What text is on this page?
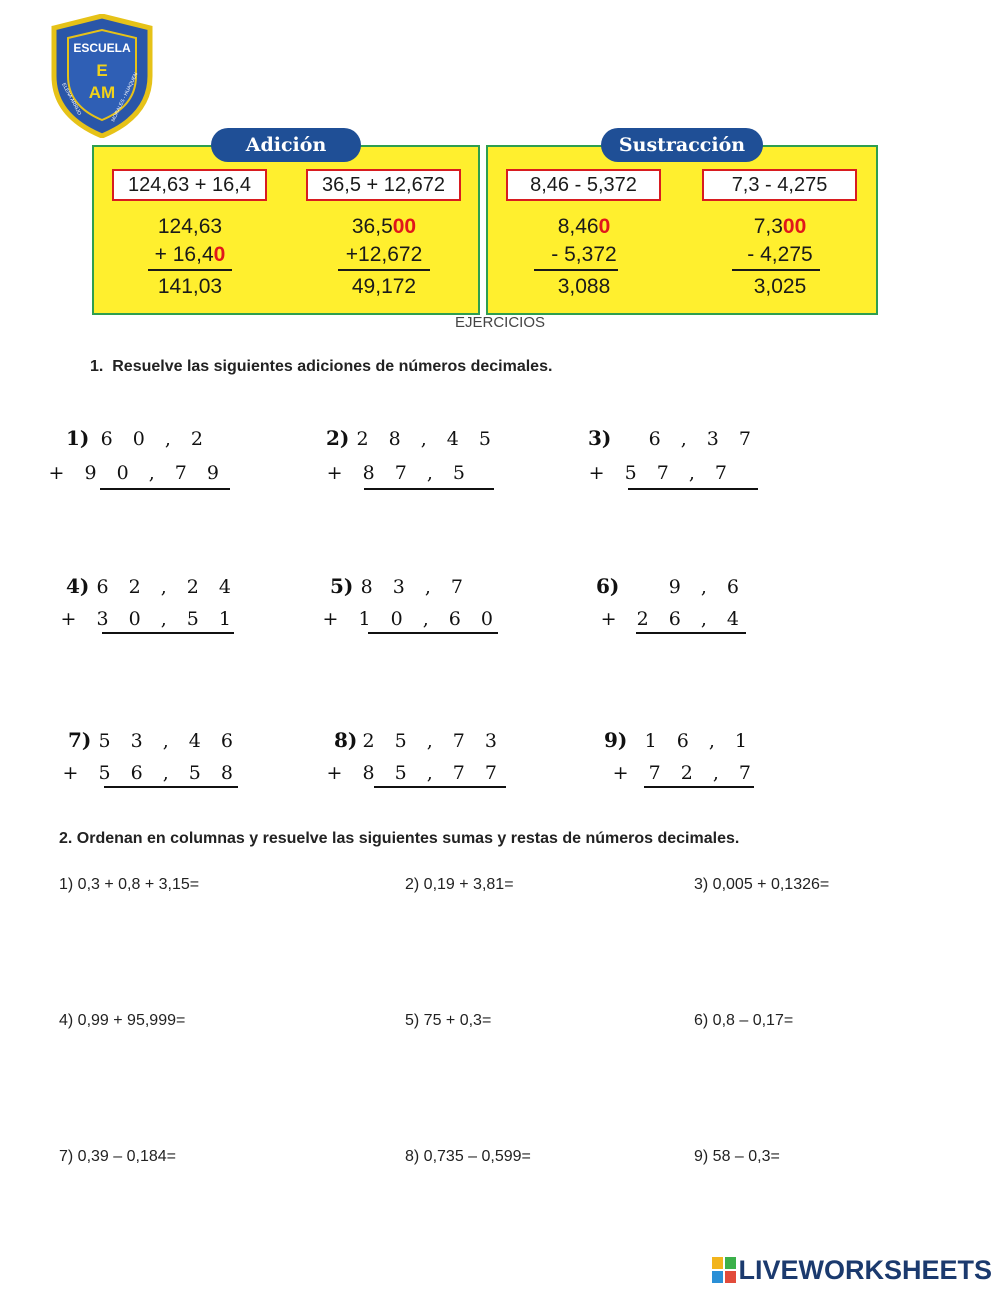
ESCUELA
E
AM
ELENA ARRIJO	MORALES - HUAQUEN
Adición	Sustracción
124,63 + 16,4
124,63
+ 16,40
141,03
36,5 + 12,672
36,500
+12,672
49,172
8,46 - 5,372
8,460
- 5,372
3,088
7,3 - 4,275
7,300
- 4,275
3,025
EJERCICIOS
1. Resuelve las siguientes adiciones de números decimales.
1) 6 0 , 2
+ 9 0 , 7 9
2) 2 8 , 4 5
+ 8 7 , 5
3) 6 , 3 7
+ 5 7 , 7
4) 6 2 , 2 4
+ 3 0 , 5 1
5) 8 3 , 7
+ 1 0 , 6 0
6)	9 , 6
+ 2 6 , 4
7) 5 3 , 4 6
+ 5 6 , 5 8
8) 2 5 , 7 3
+ 8 5 , 7 7
9) 1 6 , 1
+ 7 2 , 7
2. Ordenan en columnas y resuelve las siguientes sumas y restas de números decimales.
1) 0,3 + 0,8 + 3,15=	2) 0,19 + 3,81=	3) 0,005 + 0,1326=
4) 0,99 + 95,999=	5) 75 + 0,3=	6) 0,8 – 0,17=
7) 0,39 – 0,184=	8) 0,735 – 0,599=	9) 58 – 0,3=
LIVEWORKSHEETS
